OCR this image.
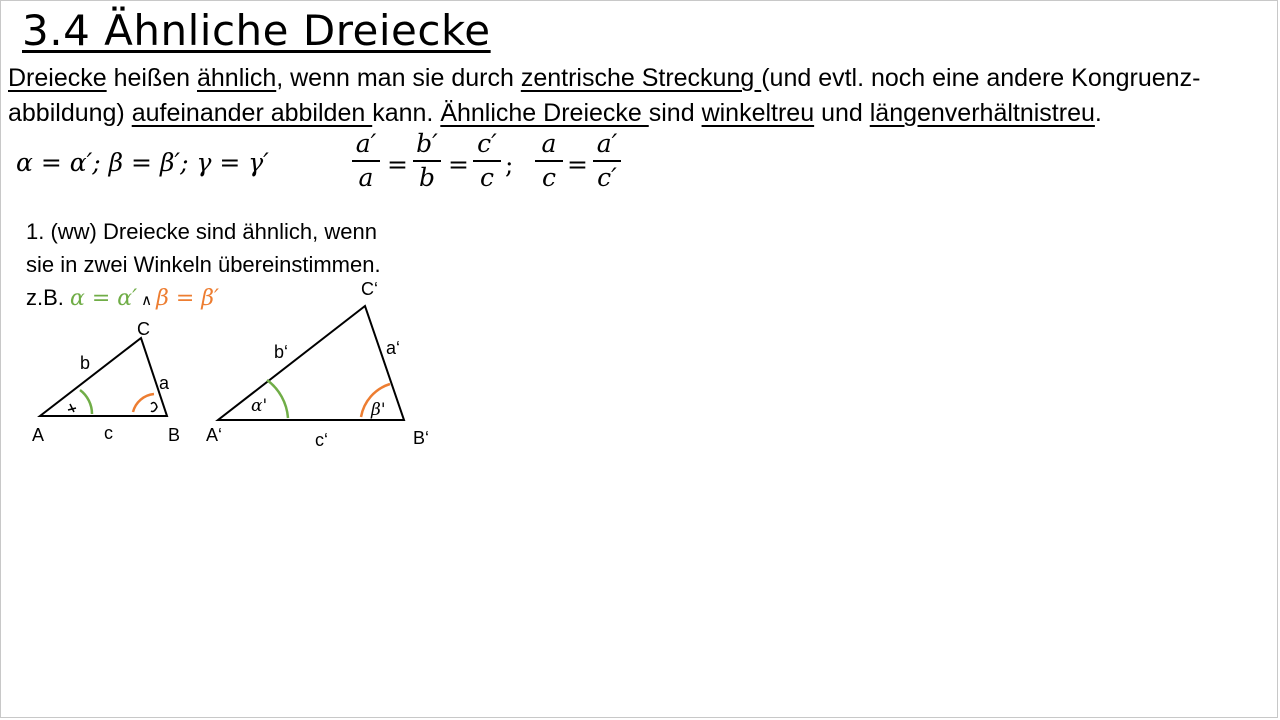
3.4 Ähnliche Dreiecke
Dreiecke heißen ähnlich, wenn man sie durch zentrische Streckung (und evtl. noch eine andere Kongruenz-
abbildung) aufeinander abbilden kann. Ähnliche Dreiecke sind winkeltreu und längenverhältnistreu.
α = α′; β = β′; γ = γ′
a′
a =
b′
b =
c′
c ;
a
c =
a′
c′
1. (ww) Dreiecke sind ähnlich, wenn
sie in zwei Winkeln übereinstimmen.
z.B. α = α′ ∧ β = β′
A	B
C
a
b
c	A‘	B‘
C‘
a‘
b‘
c‘
α'	β'
